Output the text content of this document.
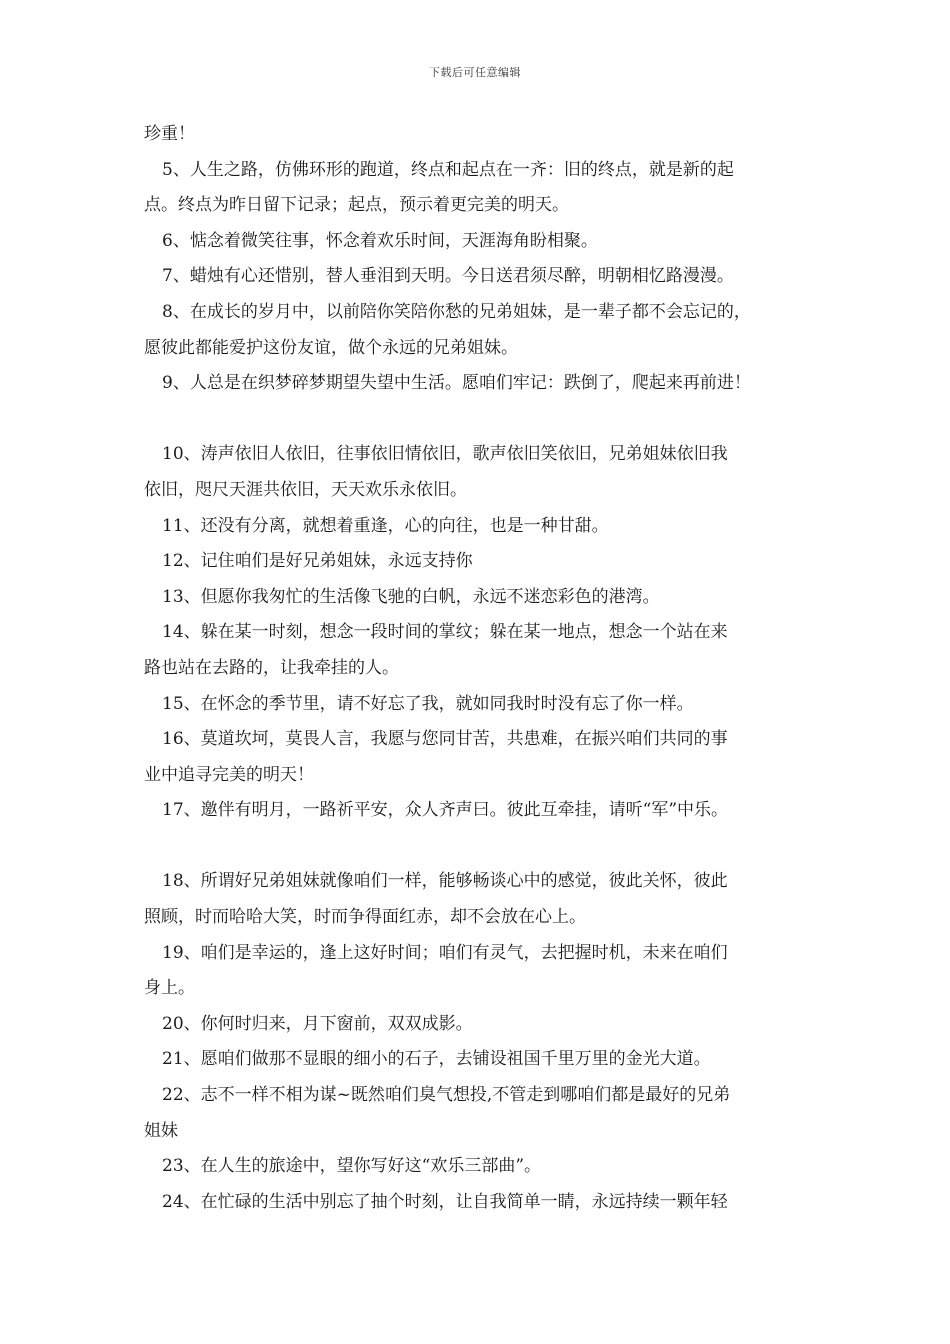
下载后可任意编辑
珍重！
5、人生之路，仿佛环形的跑道，终点和起点在一齐：旧的终点，就是新的起
点。终点为昨日留下记录；起点，预示着更完美的明天。
6、惦念着微笑往事，怀念着欢乐时间，天涯海角盼相聚。
7、蜡烛有心还惜别，替人垂泪到天明。今日送君须尽醉，明朝相忆路漫漫。
8、在成长的岁月中，以前陪你笑陪你愁的兄弟姐妹，是一辈子都不会忘记的，
愿彼此都能爱护这份友谊，做个永远的兄弟姐妹。
9、人总是在织梦碎梦期望失望中生活。愿咱们牢记：跌倒了，爬起来再前进！
10、涛声依旧人依旧，往事依旧情依旧，歌声依旧笑依旧，兄弟姐妹依旧我
依旧，咫尺天涯共依旧，天天欢乐永依旧。
11、还没有分离，就想着重逢，心的向往，也是一种甘甜。
12、记住咱们是好兄弟姐妹，永远支持你
13、但愿你我匆忙的生活像飞驰的白帆，永远不迷恋彩色的港湾。
14、躲在某一时刻，想念一段时间的掌纹；躲在某一地点，想念一个站在来
路也站在去路的，让我牵挂的人。
15、在怀念的季节里，请不好忘了我，就如同我时时没有忘了你一样。
16、莫道坎坷，莫畏人言，我愿与您同甘苦，共患难，在振兴咱们共同的事
业中追寻完美的明天！
17、邀伴有明月，一路祈平安，众人齐声曰。彼此互牵挂，请听“军”中乐。
18、所谓好兄弟姐妹就像咱们一样，能够畅谈心中的感觉，彼此关怀，彼此
照顾，时而哈哈大笑，时而争得面红赤，却不会放在心上。
19、咱们是幸运的，逢上这好时间；咱们有灵气，去把握时机，未来在咱们
身上。
20、你何时归来，月下窗前，双双成影。
21、愿咱们做那不显眼的细小的石子，去铺设祖国千里万里的金光大道。
22、志不一样不相为谋~既然咱们臭气想投,不管走到哪咱们都是最好的兄弟
姐妹
23、在人生的旅途中，望你写好这“欢乐三部曲”。
24、在忙碌的生活中别忘了抽个时刻，让自我简单一睛，永远持续一颗年轻
